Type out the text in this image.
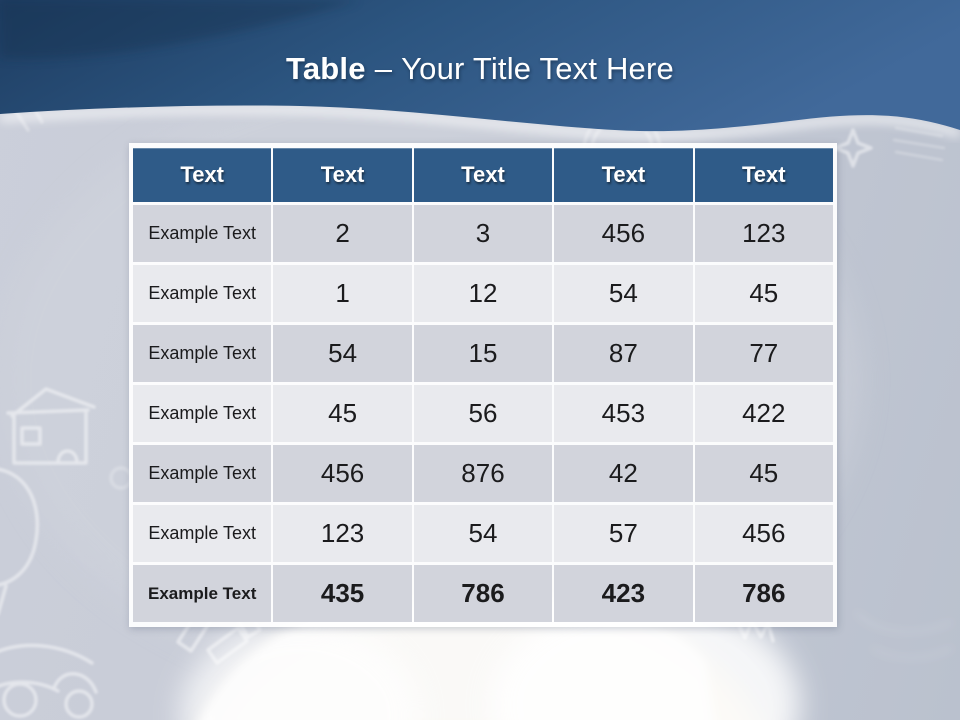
Table – Your Title Text Here
Text	Text	Text	Text	Text
Example Text	2	3	456	123
Example Text	1	12	54	45
Example Text	54	15	87	77
Example Text	45	56	453	422
Example Text	456	876	42	45
Example Text	123	54	57	456
Example Text	435	786	423	786
